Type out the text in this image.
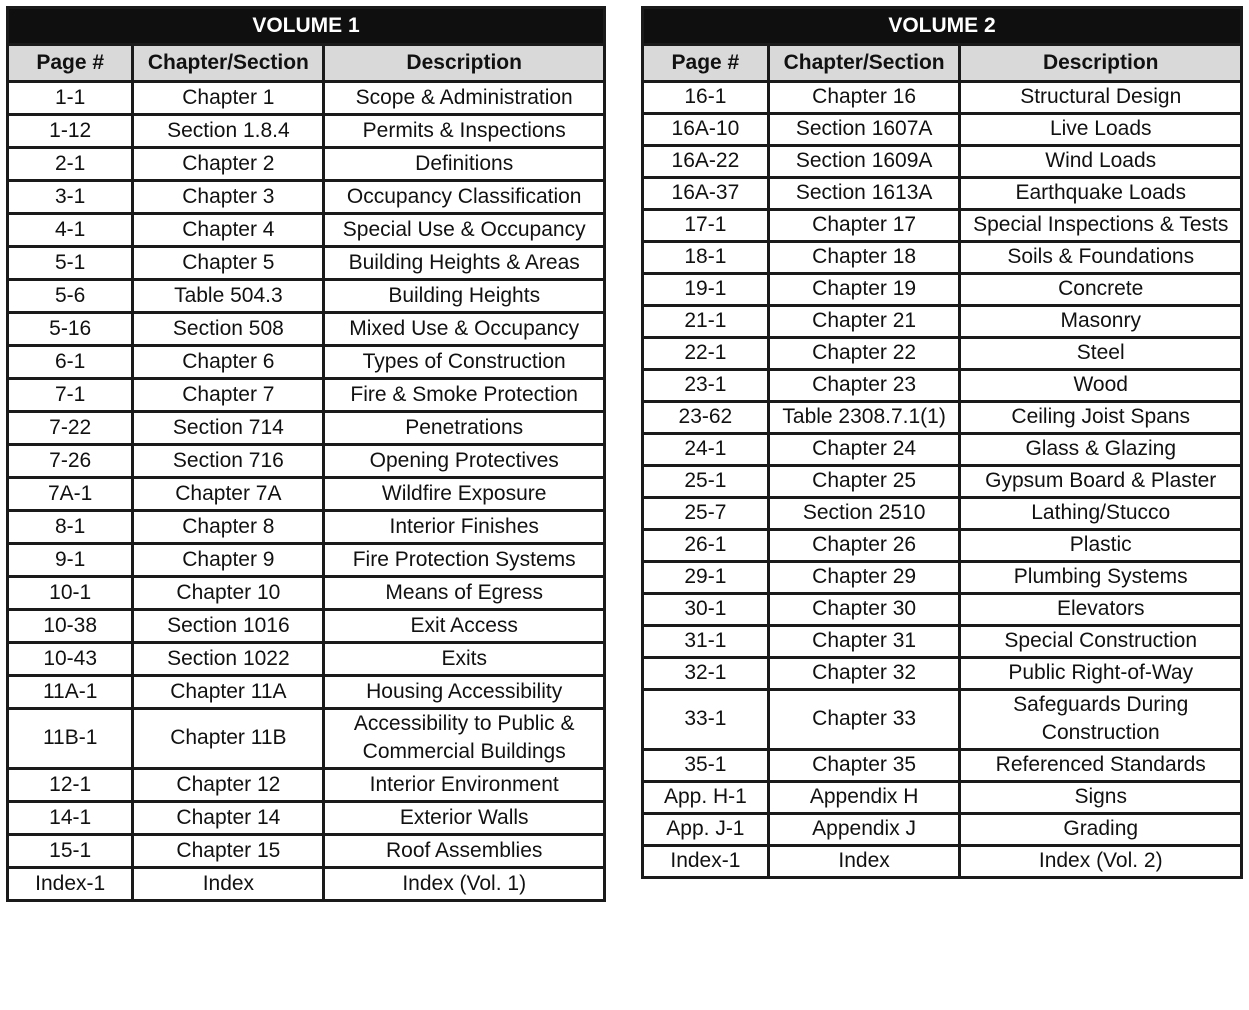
VOLUME 1		
Page #	Chapter/Section	Description
1-1	Chapter 1	Scope & Administration
1-12	Section 1.8.4	Permits & Inspections
2-1	Chapter 2	Definitions
3-1	Chapter 3	Occupancy Classification
4-1	Chapter 4	Special Use & Occupancy
5-1	Chapter 5	Building Heights & Areas
5-6	Table 504.3	Building Heights
5-16	Section 508	Mixed Use & Occupancy
6-1	Chapter 6	Types of Construction
7-1	Chapter 7	Fire & Smoke Protection
7-22	Section 714	Penetrations
7-26	Section 716	Opening Protectives
7A-1	Chapter 7A	Wildfire Exposure
8-1	Chapter 8	Interior Finishes
9-1	Chapter 9	Fire Protection Systems
10-1	Chapter 10	Means of Egress
10-38	Section 1016	Exit Access
10-43	Section 1022	Exits
11A-1	Chapter 11A	Housing Accessibility
11B-1	Chapter 11B	Accessibility to Public & Commercial Buildings
12-1	Chapter 12	Interior Environment
14-1	Chapter 14	Exterior Walls
15-1	Chapter 15	Roof Assemblies
Index-1	Index	Index (Vol. 1)
VOLUME 2		
Page #	Chapter/Section	Description
16-1	Chapter 16	Structural Design
16A-10	Section 1607A	Live Loads
16A-22	Section 1609A	Wind Loads
16A-37	Section 1613A	Earthquake Loads
17-1	Chapter 17	Special Inspections & Tests
18-1	Chapter 18	Soils & Foundations
19-1	Chapter 19	Concrete
21-1	Chapter 21	Masonry
22-1	Chapter 22	Steel
23-1	Chapter 23	Wood
23-62	Table 2308.7.1(1)	Ceiling Joist Spans
24-1	Chapter 24	Glass & Glazing
25-1	Chapter 25	Gypsum Board & Plaster
25-7	Section 2510	Lathing/Stucco
26-1	Chapter 26	Plastic
29-1	Chapter 29	Plumbing Systems
30-1	Chapter 30	Elevators
31-1	Chapter 31	Special Construction
32-1	Chapter 32	Public Right-of-Way
33-1	Chapter 33	Safeguards During Construction
35-1	Chapter 35	Referenced Standards
App. H-1	Appendix H	Signs
App. J-1	Appendix J	Grading
Index-1	Index	Index (Vol. 2)
